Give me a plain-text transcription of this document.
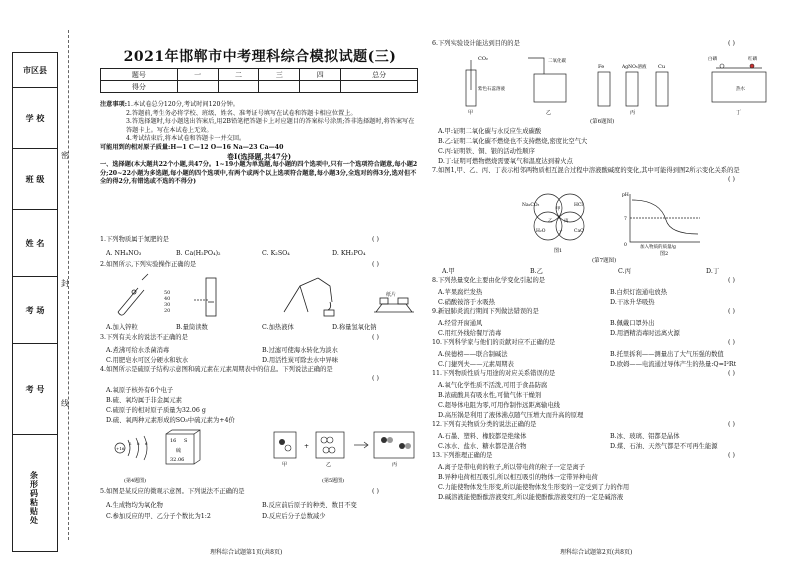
市区县
学 校
班 级
姓 名
考 场
考 号
条形码粘贴处
密
封
线
2021年邯郸市中考理科综合模拟试题(三)
题号	一	二	三	四	总分
得分					

注意事项:1.本试卷总分120分,考试时间120分钟。

2.答题前,考生务必将学校、班级、姓名、准考证号填写在试卷和答题卡相应位置上。

3.答选择题时,每小题选出答案后,用2B铅笔把答题卡上对应题目的答案标号涂黑;答非选择题时,将答案写在答题卡上。写在本试卷上无效。

4.考试结束后,将本试卷和答题卡一并交回。

可能用到的相对原子质量:H—1 C—12 O—16 Na—23 Ca—40

卷Ⅰ(选择题,共47分)

一、选择题(本大题共22个小题,共47分。1~19小题为单选题,每小题的四个选项中,只有一个选项符合题意,每小题2分;20~22小题为多选题,每小题的四个选项中,有两个或两个以上选项符合题意,每小题3分,全选对的得3分,选对但不全的得2分,有错选或不选的不得分)

1.下列物质属于氮肥的是	( )
A. NH₄NO₃	B. Ca(H₂PO₄)₂	C. K₂SO₄	D. KH₂PO₄
2.如图所示,下列实验操作正确的是	( )
50
40
30
20
纸片
A.加入锌粒	B.量筒读数	C.加热液体	D.称量氢氧化钠
3.下列有关水的说法不正确的是	( )
A.煮沸可给水杀菌消毒	B.过滤可使海水转化为淡水
C.用肥皂水可区分硬水和软水	D.用活性炭可除去水中异味
4.如图所示是硫原子结构示意图和硫元素在元素周期表中的信息。下列说法正确的是
( )
A.氧原子核外有6个电子
B.硫、氧均属于非金属元素
C.硫原子的相对原子质量为32.06 g
D.硫、氧两种元素形成的SO₃中硫元素为+4价
+16
2 8 6	16 S
硫
32.06
甲
+
乙	丙
(第4题图)	(第5题图)
5.如图是某反应的微观示意图。下列说法不正确的是	( )
A.生成物均为氧化物	B.反应前后原子的种类、数目不变
C.参加反应的甲、乙分子个数比为1:2	D.反应后分子总数减少
理科综合试题第1页(共8页)
6.下列实验设计能达到目的的是	( )
CO₂
紫色石蕊溶液
二氧化碳
Fe	AgNO₃溶液 Cu
白磷	红磷
热水
甲	乙	丙	丁
(第6题图)
A.甲:证明二氧化碳与水反应生成碳酸
B.乙:证明二氧化碳不燃烧也不支持燃烧,密度比空气大
C.丙:证明铁、铜、银的活动性顺序
D.丁:证明可燃物燃烧需要氧气和温度达到着火点
7.如图1,甲、乙、丙、丁表示相邻两物质相互混合过程中溶液酸碱度的变化,其中可能得到图2所示变化关系的是
( )
Na₂CO₃
甲
乙
HCl
H₂O
丙
丁	CaO
图1
pH
7
0	加入物质的质量/g
图2
(第7题图)
A.甲	B.乙	C.丙	D.丁
8.下列热量变化主要由化学变化引起的是	( )
A.苹果腐烂发热	B.白炽灯泡通电放热
C.硝酸铵溶于水吸热	D.干冰升华吸热
9.新冠肺炎流行期间下列做法错误的是	( )
A.经常开窗通风	B.佩戴口罩外出
C.用红外线给餐厅消毒	D.用酒精消毒时远离火源
10.下列科学家与他们的贡献对应不正确的是	( )
A.侯德榜——联合制碱法	B.托里拆利——测量出了大气压强的数值
C.门捷列夫——元素周期表	D.欧姆——电流通过导体产生的热量:Q=I²Rt
11.下列物质性质与用途的对应关系错误的是	( )
A.氧气化学性质不活泼,可用于食品防腐
B.浓硫酸具有吸水性,可做气体干燥剂
C.超导体电阻为零,可用作制作远距离输电线
D.高压锅是利用了液体沸点随气压增大而升高的原理
12.下列有关物质分类的说法正确的是	( )
A.石墨、塑料、橡胶都是绝缘体	B.冰、玻璃、铝都是晶体
C.冰水、盐水、糖水都是混合物	D.煤、石油、天然气都是不可再生能源
13.下列推理正确的是	( )
A.离子是带电荷的粒子,所以带电荷的粒子一定是离子
B.异种电荷相互吸引,所以相互吸引的物体一定带异种电荷
C.力能使物体发生形变,所以能使物体发生形变的一定受到了力的作用
D.碱溶液能使酚酞溶液变红,所以能使酚酞溶液变红的一定是碱溶液
理科综合试题第2页(共8页)
